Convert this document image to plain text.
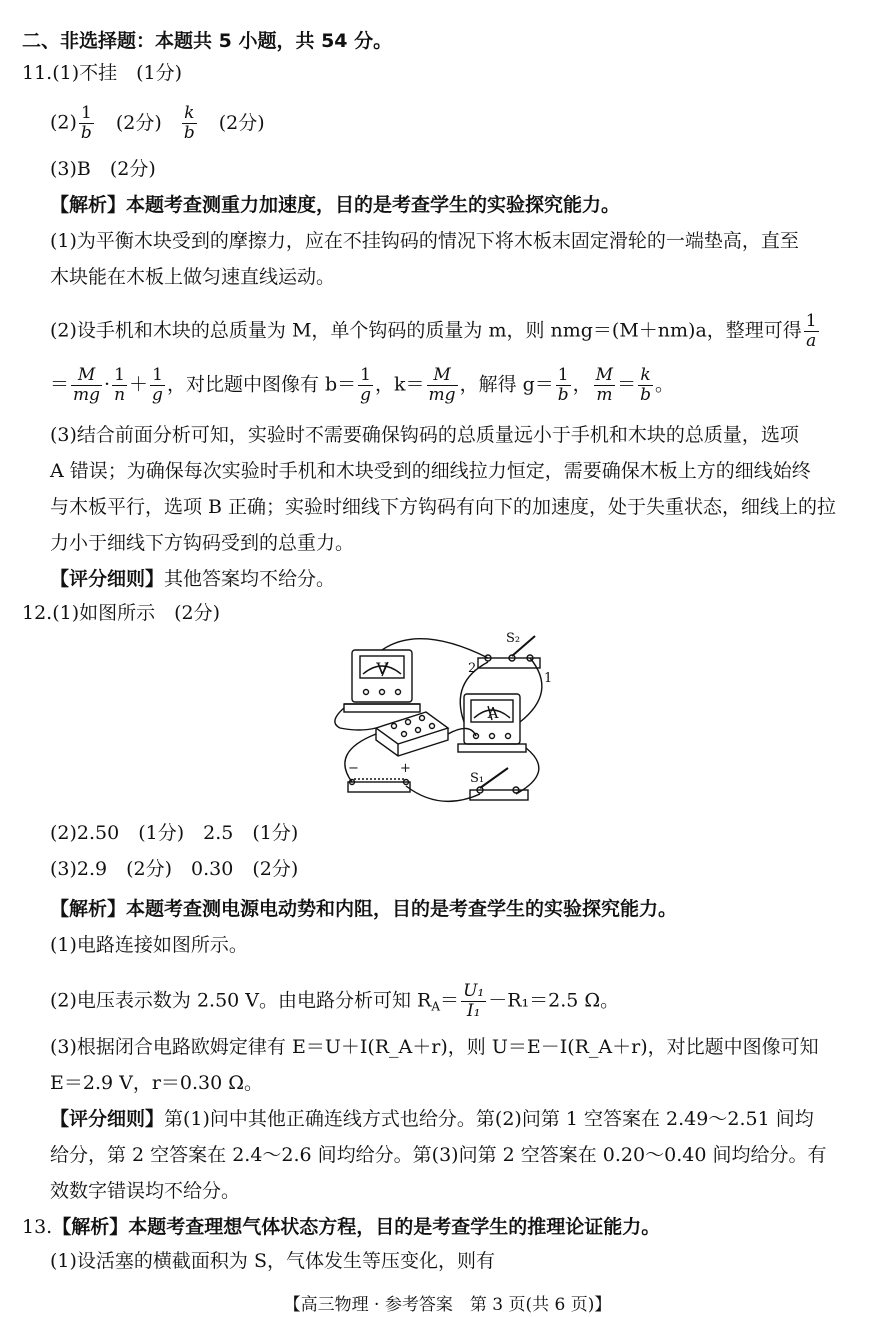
二、非选择题：本题共 5 小题，共 54 分。
11.(1)不挂　(1分)
$(2) \frac{1}{b} (2$分) $\frac{k}{b} (2$分)
(3)B　(2分)
【解析】本题考查测重力加速度，目的是考查学生的实验探究能力。
(1)为平衡木块受到的摩擦力，应在不挂钩码的情况下将木板末固定滑轮的一端垫高，直至
木块能在木板上做匀速直线运动。
(2)设手机和木块的总质量为 M，单个钩码的质量为 m，则 nmg＝(M＋nm)a，整理可得 $\frac{1}{a}$
＝ $\frac{M}{mg} \cdot \frac{1}{n} + \frac{1}{g}$ ，对比题中图像有 $b= \frac{1}{g}$ ，$k= \frac{M}{mg}$ ，解得 $g= \frac{1}{b}$ ， $\frac{M}{m} = \frac{k}{b}$ 。
(3)结合前面分析可知，实验时不需要确保钩码的总质量远小于手机和木块的总质量，选项
A 错误；为确保每次实验时手机和木块受到的细线拉力恒定，需要确保木板上方的细线始终
与木板平行，选项 B 正确；实验时细线下方钩码有向下的加速度，处于失重状态，细线上的拉
力小于细线下方钩码受到的总重力。
【评分细则】其他答案均不给分。
12.(1)如图所示　(2分)
V
A
S₂
2
1
−	+
S₁
(2)2.50　(1分)　2.5　(1分)
(3)2.9　(2分)　0.30　(2分)
【解析】本题考查测电源电动势和内阻，目的是考查学生的实验探究能力。
(1)电路连接如图所示。
(2)电压表示数为 2.50 V。由电路分析可知 $R_A= \frac{\text{U₁}}{\text{I₁}} -R_1=2.5$ Ω。
(3)根据闭合电路欧姆定律有 E＝U＋I(R_A＋r)，则 U＝E－I(R_A＋r)，对比题中图像可知
E＝2.9 V，r＝0.30 Ω。
【评分细则】第(1)问中其他正确连线方式也给分。第(2)问第 1 空答案在 2.49～2.51 间均
给分，第 2 空答案在 2.4～2.6 间均给分。第(3)问第 2 空答案在 0.20～0.40 间均给分。有
效数字错误均不给分。
13.【解析】本题考查理想气体状态方程，目的是考查学生的推理论证能力。
(1)设活塞的横截面积为 S，气体发生等压变化，则有
【高三物理 · 参考答案　第 3 页(共 6 页)】
